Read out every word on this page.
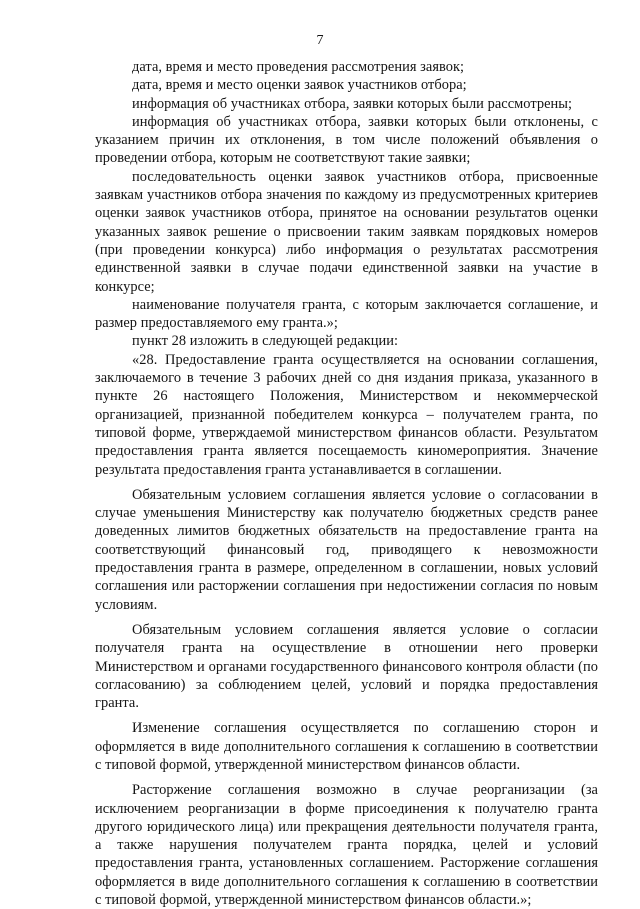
7

дата, время и место проведения рассмотрения заявок;

дата, время и место оценки заявок участников отбора;

информация об участниках отбора, заявки которых были рассмотрены;

информация об участниках отбора, заявки которых были отклонены, с указанием причин их отклонения, в том числе положений объявления о проведении отбора, которым не соответствуют такие заявки;

последовательность оценки заявок участников отбора, присвоенные заявкам участников отбора значения по каждому из предусмотренных критериев оценки заявок участников отбора, принятое на основании результатов оценки указанных заявок решение о присвоении таким заявкам порядковых номеров (при проведении конкурса) либо информация о результатах рассмотрения единственной заявки в случае подачи единственной заявки на участие в конкурсе;

наименование получателя гранта, с которым заключается соглашение, и размер предоставляемого ему гранта.»;

пункт 28 изложить в следующей редакции:

«28. Предоставление гранта осуществляется на основании соглашения, заключаемого в течение 3 рабочих дней со дня издания приказа, указанного в пункте 26 настоящего Положения, Министерством и некоммерческой организацией, признанной победителем конкурса – получателем гранта, по типовой форме, утверждаемой министерством финансов области. Результатом предоставления гранта является посещаемость киномероприятия. Значение результата предоставления гранта устанавливается в соглашении.

Обязательным условием соглашения является условие о согласовании в случае уменьшения Министерству как получателю бюджетных средств ранее доведенных лимитов бюджетных обязательств на предоставление гранта на соответствующий финансовый год, приводящего к невозможности предоставления гранта в размере, определенном в соглашении, новых условий соглашения или расторжении соглашения при недостижении согласия по новым условиям.

Обязательным условием соглашения является условие о согласии получателя гранта на осуществление в отношении него проверки Министерством и органами государственного финансового контроля области (по согласованию) за соблюдением целей, условий и порядка предоставления гранта.

Изменение соглашения осуществляется по соглашению сторон и оформляется в виде дополнительного соглашения к соглашению в соответствии с типовой формой, утвержденной министерством финансов области.

Расторжение соглашения возможно в случае реорганизации (за исключением реорганизации в форме присоединения к получателю гранта другого юридического лица) или прекращения деятельности получателя гранта, а также нарушения получателем гранта порядка, целей и условий предоставления гранта, установленных соглашением. Расторжение соглашения оформляется в виде дополнительного соглашения к соглашению в соответствии с типовой формой, утвержденной министерством финансов области.»;
